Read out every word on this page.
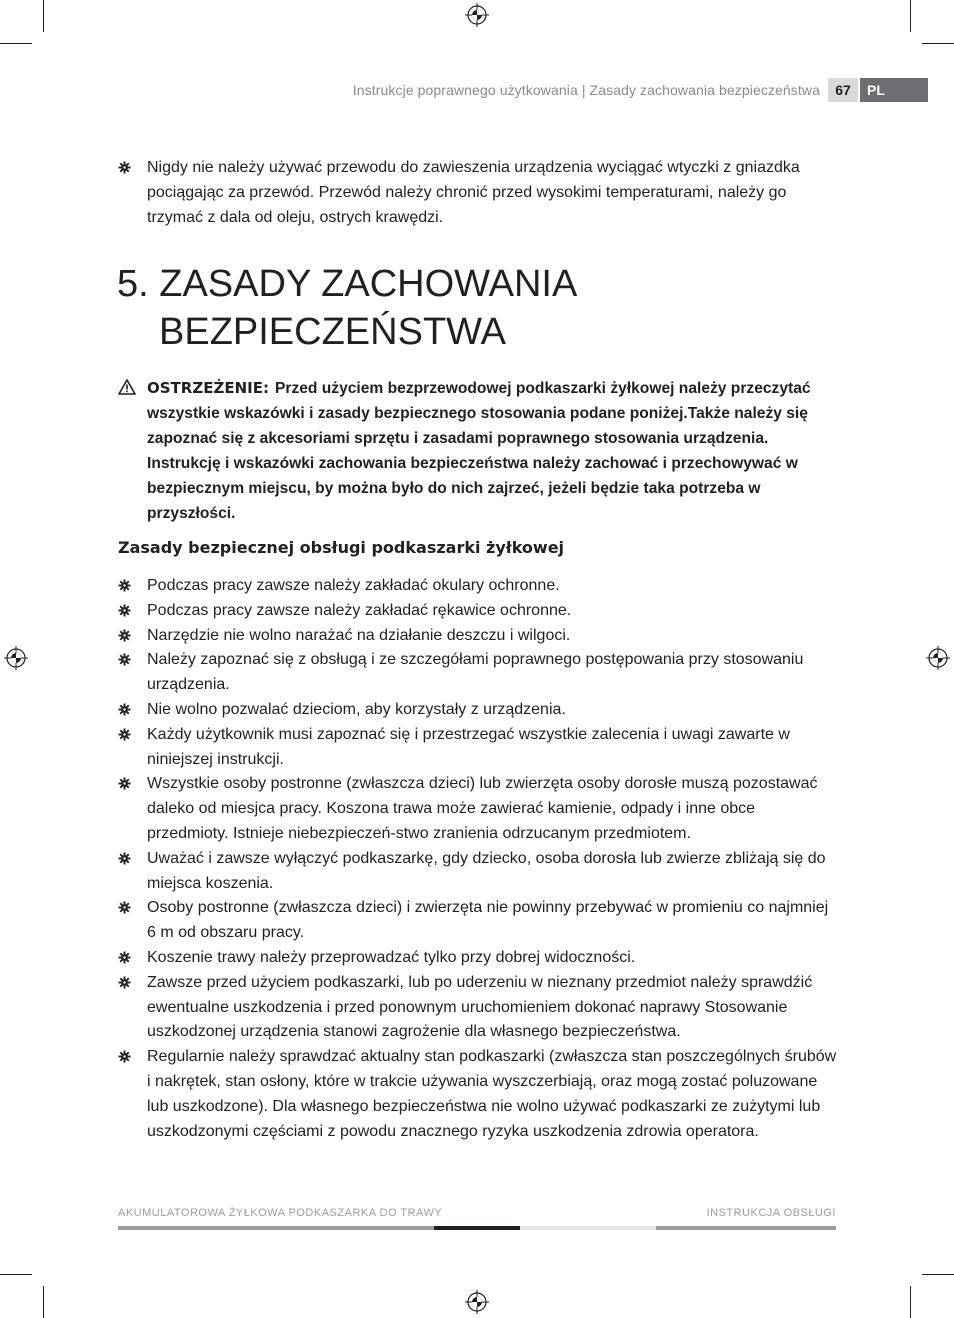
Instrukcje poprawnego użytkowania | Zasady zachowania bezpieczeństwa	67	PL
Nigdy nie należy używać przewodu do zawieszenia urządzenia wyciągać wtyczki z gniazdka pociągając za przewód. Przewód należy chronić przed wysokimi temperaturami, należy go trzymać z dala od oleju, ostrych krawędzi.
5. ZASADY ZACHOWANIA
BEZPIECZEŃSTWA
OSTRZEŻENIE: Przed użyciem bezprzewodowej podkaszarki żyłkowej należy przeczytać wszystkie wskazówki i zasady bezpiecznego stosowania podane poniżej.Także należy się zapoznać się z akcesoriami sprzętu i zasadami poprawnego stosowania urządzenia. Instrukcję i wskazówki zachowania bezpieczeństwa należy zachować i przechowywać w bezpiecznym miejscu, by można było do nich zajrzeć, jeżeli będzie taka potrzeba w przyszłości.
Zasady bezpiecznej obsługi podkaszarki żyłkowej
Podczas pracy zawsze należy zakładać okulary ochronne.
Podczas pracy zawsze należy zakładać rękawice ochronne.
Narzędzie nie wolno narażać na działanie deszczu i wilgoci.
Należy zapoznać się z obsługą i ze szczegółami poprawnego postępowania przy stosowaniu urządzenia.
Nie wolno pozwalać dzieciom, aby korzystały z urządzenia.
Każdy użytkownik musi zapoznać się i przestrzegać wszystkie zalecenia i uwagi zawarte w niniejszej instrukcji.
Wszystkie osoby postronne (zwłaszcza dzieci) lub zwierzęta osoby dorosłe muszą pozostawać daleko od miesjca pracy. Koszona trawa może zawierać kamienie, odpady i inne obce przedmioty. Istnieje niebezpieczeń-stwo zranienia odrzucanym przedmiotem.
Uważać i zawsze wyłączyć podkaszarkę, gdy dziecko, osoba dorosła lub zwierze zbliżają się do miejsca koszenia.
Osoby postronne (zwłaszcza dzieci) i zwierzęta nie powinny przebywać w promieniu co najmniej 6 m od obszaru pracy.
Koszenie trawy należy przeprowadzać tylko przy dobrej widoczności.
Zawsze przed użyciem podkaszarki, lub po uderzeniu w nieznany przedmiot należy sprawdźić ewentualne uszkodzenia i przed ponownym uruchomieniem dokonać naprawy Stosowanie uszkodzonej urządzenia stanowi zagrożenie dla własnego bezpieczeństwa.
Regularnie należy sprawdzać aktualny stan podkaszarki (zwłaszcza stan poszczególnych śrubów i nakrętek, stan osłony, które w trakcie używania wyszczerbiają, oraz mogą zostać poluzowane lub uszkodzone). Dla własnego bezpieczeństwa nie wolno używać podkaszarki ze zużytymi lub uszkodzonymi częściami z powodu znacznego ryzyka uszkodzenia zdrowia operatora.
AKUMULATOROWA ŻYŁKOWA PODKASZARKA DO TRAWY	INSTRUKCJA OBSŁUGI
